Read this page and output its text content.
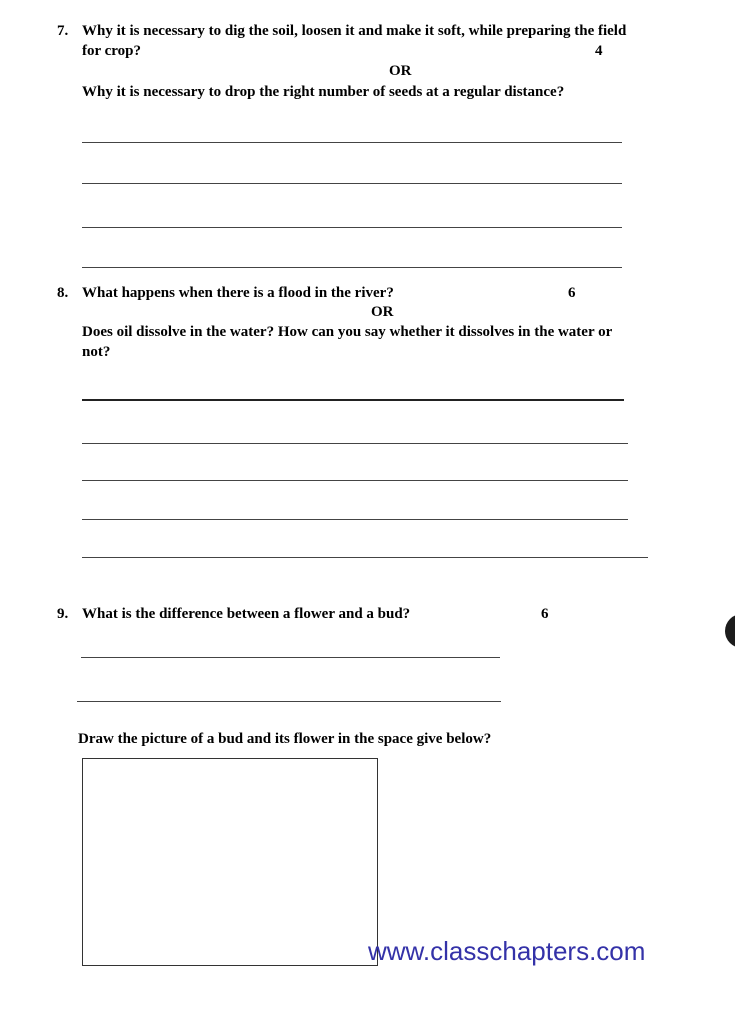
7. Why it is necessary to dig the soil, loosen it and make it soft, while preparing the field
for crop?	4
OR
Why it is necessary to drop the right number of seeds at a regular distance?
8. What happens when there is a flood in the river?	6
OR
Does oil dissolve in the water? How can you say whether it dissolves in the water or
not?
9. What is the difference between a flower and a bud?	6
Draw the picture of a bud and its flower in the space give below?
www.classchapters.com
